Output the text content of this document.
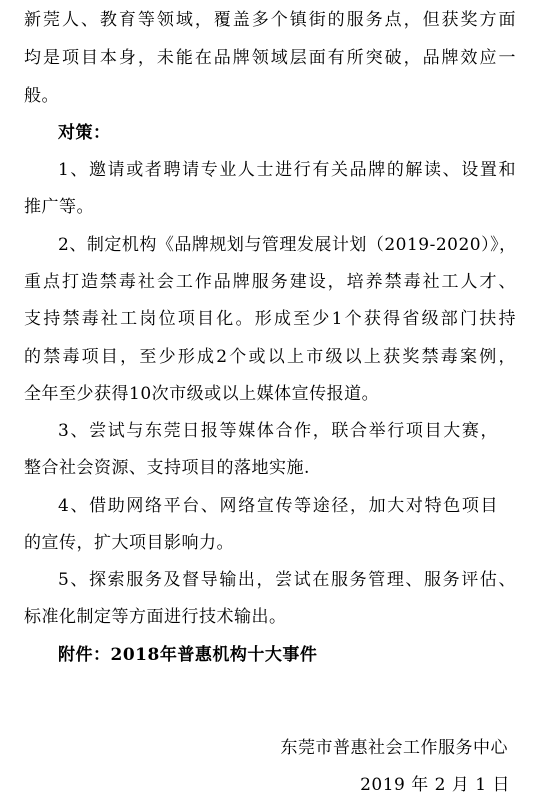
新莞人、教育等领域，覆盖多个镇街的服务点，但获奖方面
均是项目本身，未能在品牌领域层面有所突破，品牌效应一
般。
对策：
1、邀请或者聘请专业人士进行有关品牌的解读、设置和
推广等。
2、制定机构《品牌规划与管理发展计划（2019-2020）》，
重点打造禁毒社会工作品牌服务建设，培养禁毒社工人才、
支持禁毒社工岗位项目化。形成至少1个获得省级部门扶持
的禁毒项目，至少形成2个或以上市级以上获奖禁毒案例，
全年至少获得10次市级或以上媒体宣传报道。
3、尝试与东莞日报等媒体合作，联合举行项目大赛，
整合社会资源、支持项目的落地实施.
4、借助网络平台、网络宣传等途径，加大对特色项目
的宣传，扩大项目影响力。
5、探索服务及督导输出，尝试在服务管理、服务评估、
标准化制定等方面进行技术输出。
附件：2018年普惠机构十大事件
东莞市普惠社会工作服务中心
2019 年 2 月 1 日
